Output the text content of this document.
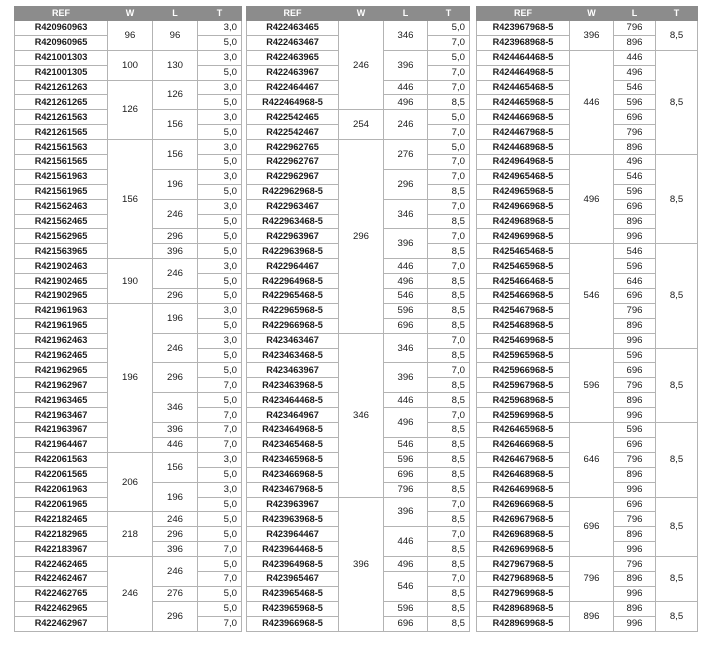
REF	W	L	T
R420960963	96	96	3,0
R420960965			5,0
R421001303	100	130	3,0
R421001305			5,0
R421261263	126	126	3,0
R421261265			5,0
R421261563		156	3,0
R421261565			5,0
R421561563	156	156	3,0
R421561565			5,0
R421561963		196	3,0
R421561965			5,0
R421562463		246	3,0
R421562465			5,0
R421562965		296	5,0
R421563965		396	5,0
R421902463	190	246	3,0
R421902465			5,0
R421902965		296	5,0
R421961963	196	196	3,0
R421961965			5,0
R421962463		246	3,0
R421962465			5,0
R421962965		296	5,0
R421962967			7,0
R421963465		346	5,0
R421963467			7,0
R421963967		396	7,0
R421964467		446	7,0
R422061563	206	156	3,0
R422061565			5,0
R422061963		196	3,0
R422061965			5,0
R422182465	218	246	5,0
R422182965		296	5,0
R422183967		396	7,0
R422462465	246	246	5,0
R422462467			7,0
R422462765		276	5,0
R422462965		296	5,0
R422462967			7,0
REF	W	L	T
R422463465	246	346	5,0
R422463467			7,0
R422463965		396	5,0
R422463967			7,0
R422464467		446	7,0
R422464968-5		496	8,5
R422542465	254	246	5,0
R422542467			7,0
R422962765	296	276	5,0
R422962767			7,0
R422962967		296	7,0
R422962968-5			8,5
R422963467		346	7,0
R422963468-5			8,5
R422963967		396	7,0
R422963968-5			8,5
R422964467		446	7,0
R422964968-5		496	8,5
R422965468-5		546	8,5
R422965968-5		596	8,5
R422966968-5		696	8,5
R423463467	346	346	7,0
R423463468-5			8,5
R423463967		396	7,0
R423463968-5			8,5
R423464468-5		446	8,5
R423464967		496	7,0
R423464968-5			8,5
R423465468-5		546	8,5
R423465968-5		596	8,5
R423466968-5		696	8,5
R423467968-5		796	8,5
R423963967	396	396	7,0
R423963968-5			8,5
R423964467		446	7,0
R423964468-5			8,5
R423964968-5		496	8,5
R423965467		546	7,0
R423965468-5			8,5
R423965968-5		596	8,5
R423966968-5		696	8,5
REF	W	L	T
R423967968-5	396	796	8,5
R423968968-5		896	
R424464468-5	446	446	8,5
R424464968-5		496	
R424465468-5		546	
R424465968-5		596	
R424466968-5		696	
R424467968-5		796	
R424468968-5		896	
R424964968-5	496	496	8,5
R424965468-5		546	
R424965968-5		596	
R424966968-5		696	
R424968968-5		896	
R424969968-5		996	
R425465468-5	546	546	8,5
R425465968-5		596	
R425466468-5		646	
R425466968-5		696	
R425467968-5		796	
R425468968-5		896	
R425469968-5		996	
R425965968-5	596	596	8,5
R425966968-5		696	
R425967968-5		796	
R425968968-5		896	
R425969968-5		996	
R426465968-5	646	596	8,5
R426466968-5		696	
R426467968-5		796	
R426468968-5		896	
R426469968-5		996	
R426966968-5	696	696	8,5
R426967968-5		796	
R426968968-5		896	
R426969968-5		996	
R427967968-5	796	796	8,5
R427968968-5		896	
R427969968-5		996	
R428968968-5	896	896	8,5
R428969968-5		996	
